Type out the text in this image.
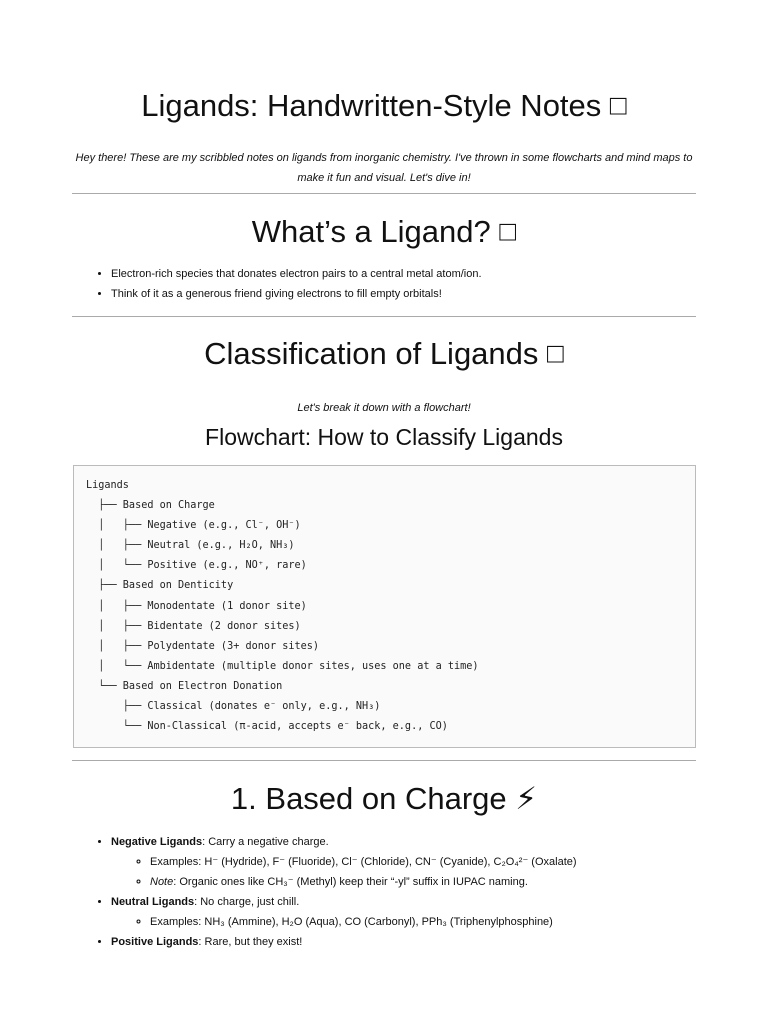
Ligands: Handwritten-Style Notes □

Hey there! These are my scribbled notes on ligands from inorganic chemistry. I've thrown in some flowcharts and mind maps to make it fun and visual. Let's dive in!

What’s a Ligand? □
• Electron-rich species that donates electron pairs to a central metal atom/ion.
• Think of it as a generous friend giving electrons to fill empty orbitals!
Classification of Ligands □

Let's break it down with a flowchart!

Flowchart: How to Classify Ligands
Ligands
├── Based on Charge
│   ├── Negative (e.g., Cl⁻, OH⁻)
│   ├── Neutral (e.g., H₂O, NH₃)
│   └── Positive (e.g., NO⁺, rare)
├── Based on Denticity
│   ├── Monodentate (1 donor site)
│   ├── Bidentate (2 donor sites)
│   ├── Polydentate (3+ donor sites)
│   └── Ambidentate (multiple donor sites, uses one at a time)
└── Based on Electron Donation
├── Classical (donates e⁻ only, e.g., NH₃)
└── Non-Classical (π-acid, accepts e⁻ back, e.g., CO)
1. Based on Charge ⚡
• Negative Ligands: Carry a negative charge.
◦ Examples: H⁻ (Hydride), F⁻ (Fluoride), Cl⁻ (Chloride), CN⁻ (Cyanide), C₂O₄²⁻ (Oxalate)
◦ Note: Organic ones like CH₃⁻ (Methyl) keep their “-yl” suffix in IUPAC naming.
• Neutral Ligands: No charge, just chill.
◦ Examples: NH₃ (Ammine), H₂O (Aqua), CO (Carbonyl), PPh₃ (Triphenylphosphine)
• Positive Ligands: Rare, but they exist!
